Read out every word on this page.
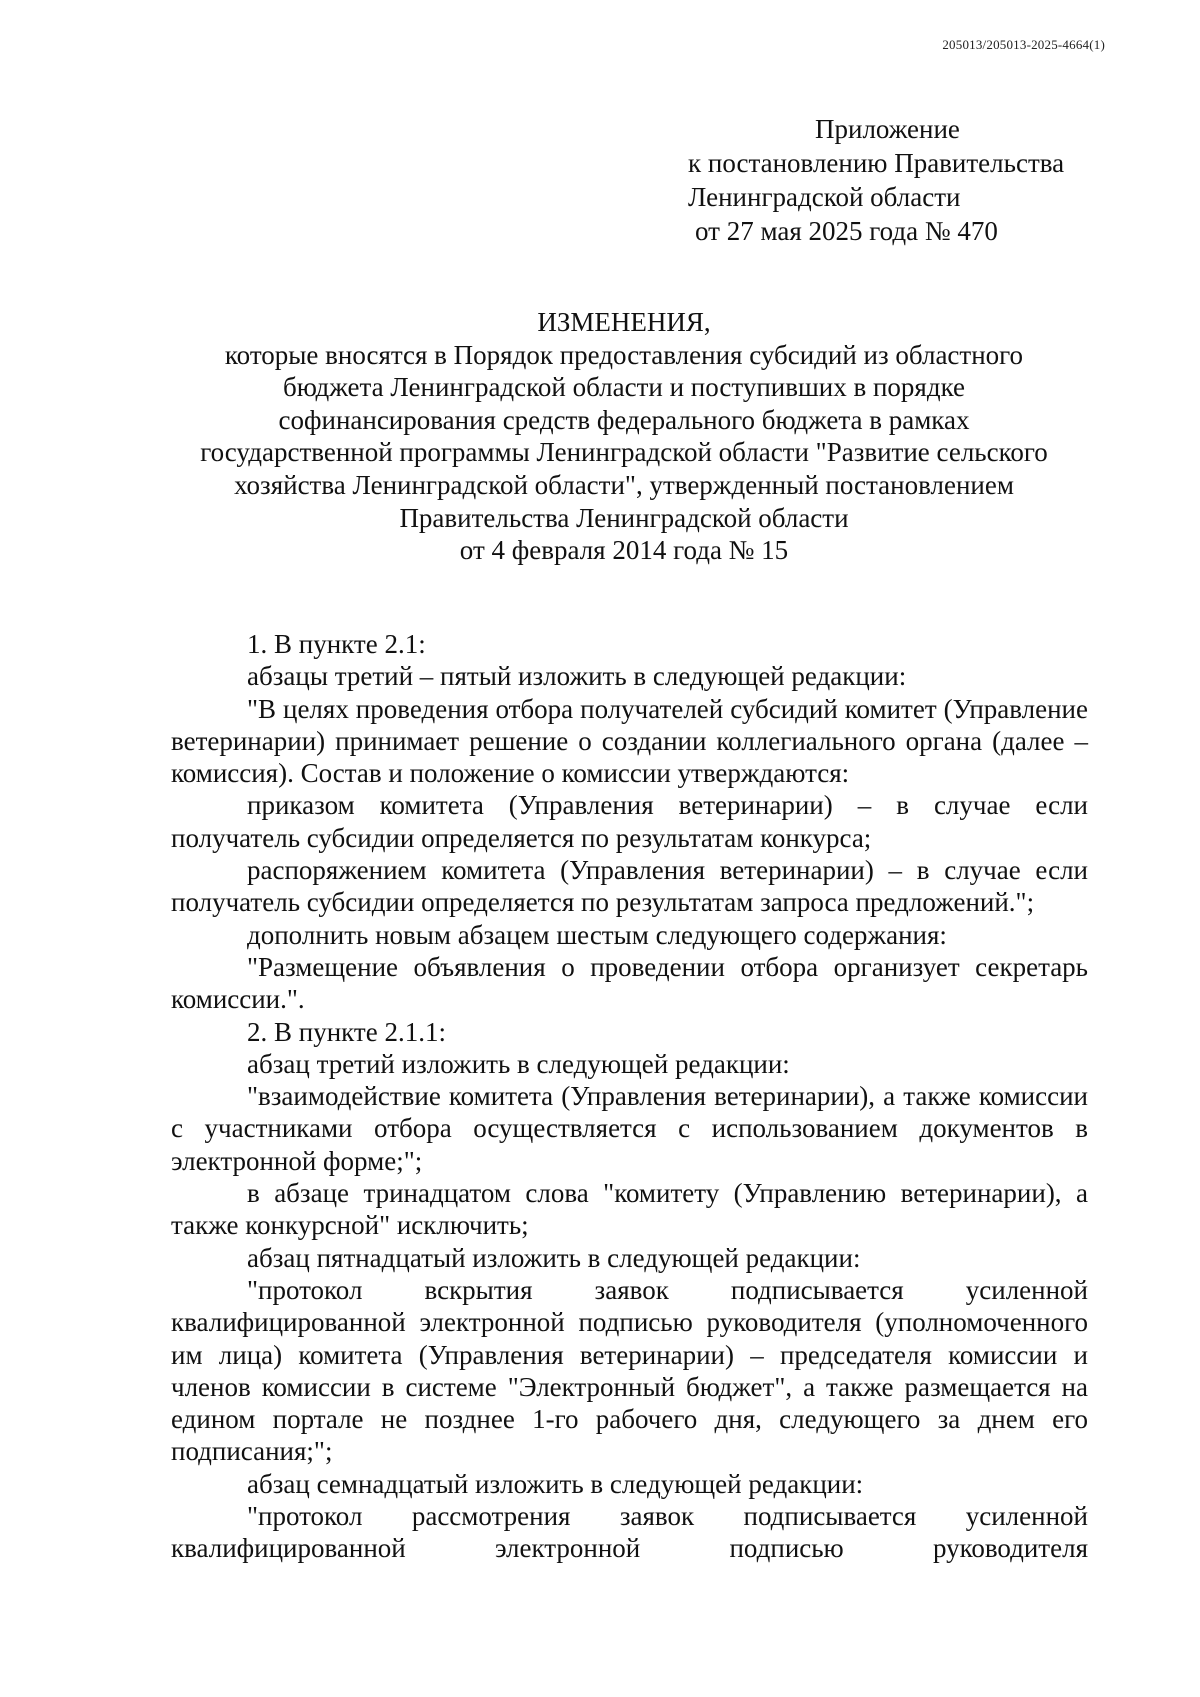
205013/205013-2025-4664(1)
Приложение
к постановлению Правительства
Ленинградской области
от 27 мая 2025 года № 470
ИЗМЕНЕНИЯ,
которые вносятся в Порядок предоставления субсидий из областного
бюджета Ленинградской области и поступивших в порядке
софинансирования средств федерального бюджета в рамках
государственной программы Ленинградской области "Развитие сельского
хозяйства Ленинградской области", утвержденный постановлением
Правительства Ленинградской области
от 4 февраля 2014 года № 15

1. В пункте 2.1:

абзацы третий – пятый изложить в следующей редакции:

"В целях проведения отбора получателей субсидий комитет (Управление ветеринарии) принимает решение о создании коллегиального органа (далее – комиссия). Состав и положение о комиссии утверждаются:

приказом комитета (Управления ветеринарии) – в случае если получатель субсидии определяется по результатам конкурса;

распоряжением комитета (Управления ветеринарии) – в случае если получатель субсидии определяется по результатам запроса предложений.";

дополнить новым абзацем шестым следующего содержания:

"Размещение объявления о проведении отбора организует секретарь комиссии.".

2. В пункте 2.1.1:

абзац третий изложить в следующей редакции:

"взаимодействие комитета (Управления ветеринарии), а также комиссии с участниками отбора осуществляется с использованием документов в электронной форме;";

в абзаце тринадцатом слова "комитету (Управлению ветеринарии), а также конкурсной" исключить;

абзац пятнадцатый изложить в следующей редакции:

"протокол вскрытия заявок подписывается усиленной квалифицированной электронной подписью руководителя (уполномоченного им лица) комитета (Управления ветеринарии) – председателя комиссии и членов комиссии в системе "Электронный бюджет", а также размещается на едином портале не позднее 1-го рабочего дня, следующего за днем его подписания;";

абзац семнадцатый изложить в следующей редакции:

"протокол рассмотрения заявок подписывается усиленной квалифицированной электронной подписью руководителя
